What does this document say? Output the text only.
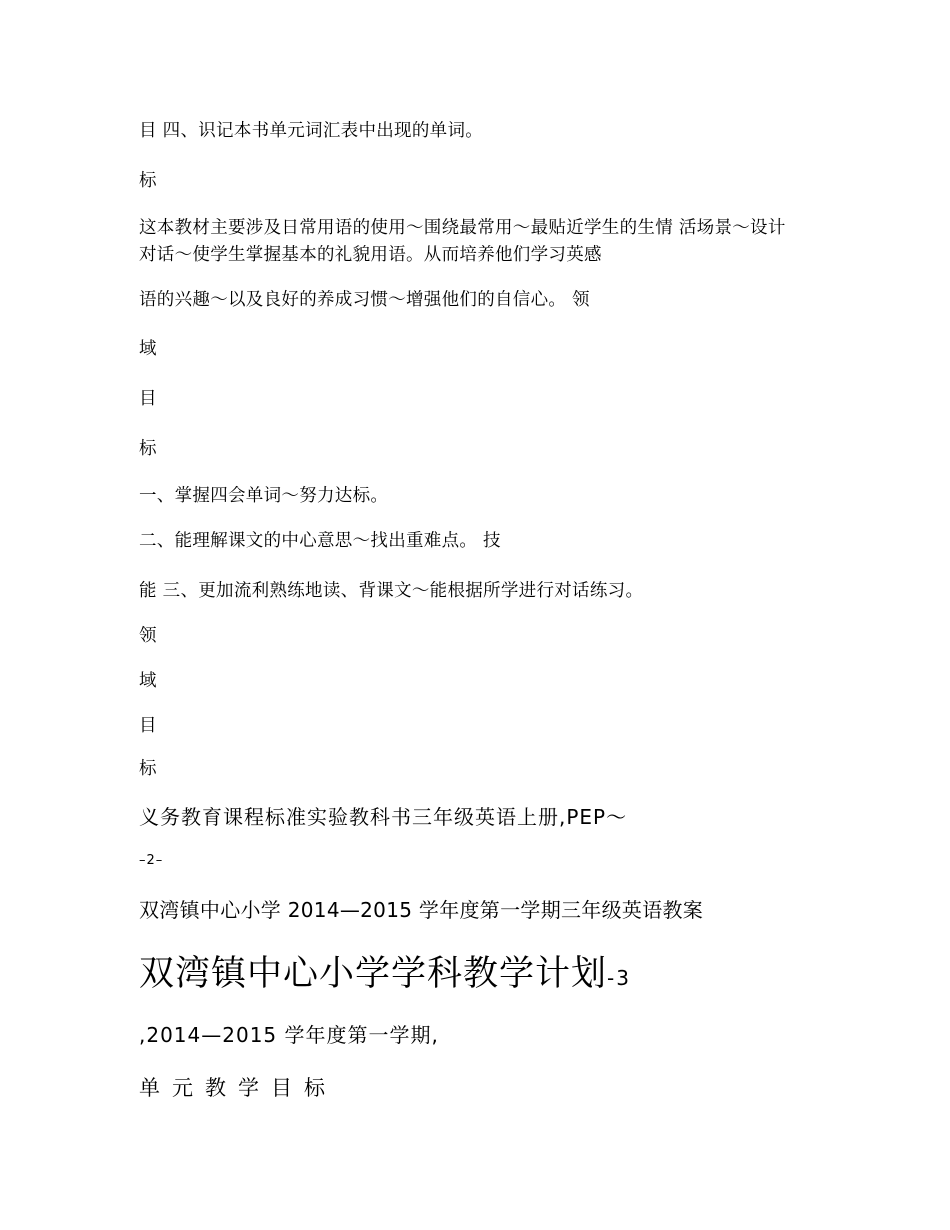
目 四、识记本书单元词汇表中出现的单词。
标
这本教材主要涉及日常用语的使用～围绕最常用～最贴近学生的生情 活场景～设计
对话～使学生掌握基本的礼貌用语。从而培养他们学习英感
语的兴趣～以及良好的养成习惯～增强他们的自信心。 领
域
目
标
一、掌握四会单词～努力达标。
二、能理解课文的中心意思～找出重难点。 技
能 三、更加流利熟练地读、背课文～能根据所学进行对话练习。
领
域
目
标
义务教育课程标准实验教科书三年级英语上册,PEP～
–2–
双湾镇中心小学 2014—2015 学年度第一学期三年级英语教案
双湾镇中心小学学科教学计划-3
,2014—2015 学年度第一学期,
单元教学目标
